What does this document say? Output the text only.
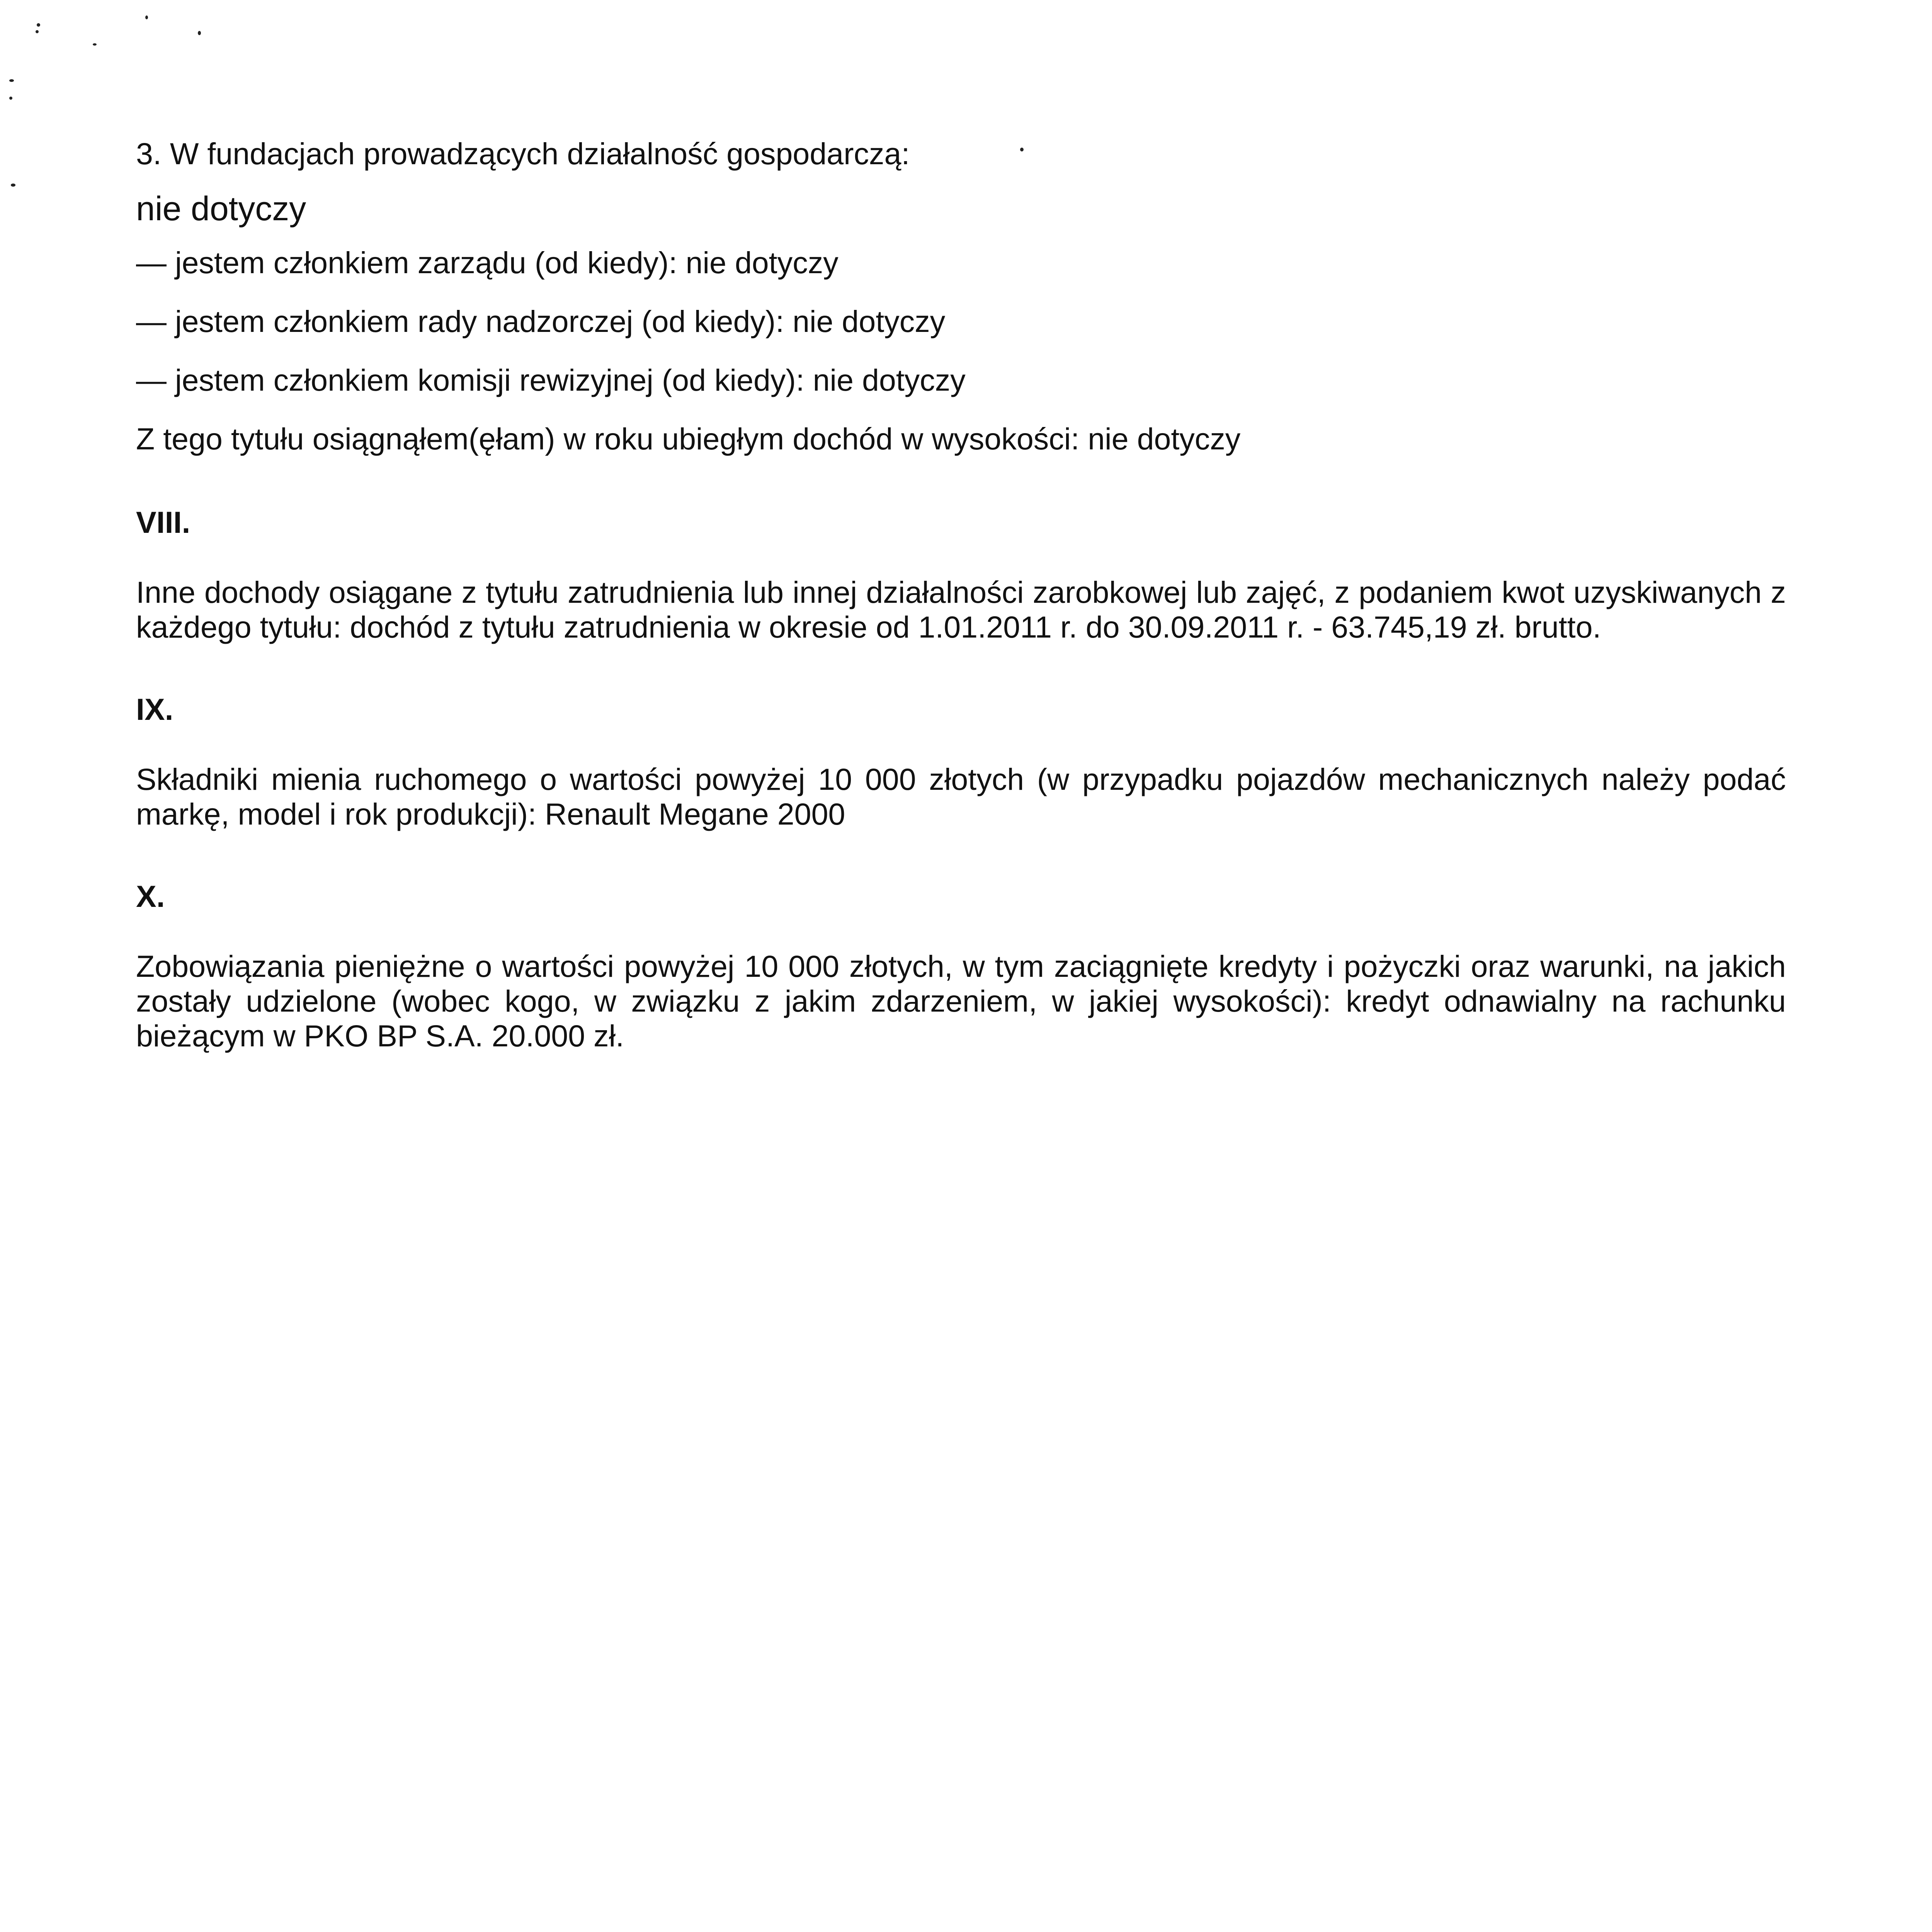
3. W fundacjach prowadzących działalność gospodarczą:
nie dotyczy
— jestem członkiem zarządu (od kiedy): nie dotyczy
— jestem członkiem rady nadzorczej (od kiedy): nie dotyczy
— jestem członkiem komisji rewizyjnej (od kiedy): nie dotyczy
Z tego tytułu osiągnąłem(ęłam) w roku ubiegłym dochód w wysokości: nie dotyczy
VIII.
Inne dochody osiągane z tytułu zatrudnienia lub innej działalności zarobkowej lub zajęć, z podaniem kwot uzyskiwanych z każdego tytułu: dochód z tytułu zatrudnienia w okresie od 1.01.2011 r. do 30.09.2011 r. - 63.745,19 zł. brutto.
IX.
Składniki mienia ruchomego o wartości powyżej 10 000 złotych (w przypadku pojazdów mechanicznych należy podać markę, model i rok produkcji): Renault Megane 2000
X.
Zobowiązania pieniężne o wartości powyżej 10 000 złotych, w tym zaciągnięte kredyty i pożyczki oraz warunki, na jakich zostały udzielone (wobec kogo, w związku z jakim zdarzeniem, w jakiej wysokości): kredyt odnawialny na rachunku bieżącym w PKO BP S.A. 20.000 zł.
